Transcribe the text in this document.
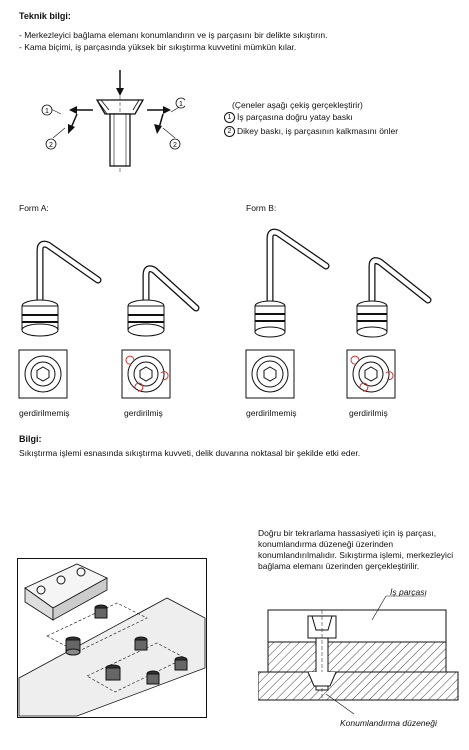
Teknik bilgi:
- Merkezleyici bağlama elemanı konumlandırın ve iş parçasını bir delikte sıkıştırın.
- Kama biçimi, iş parçasında yüksek bir sıkıştırma kuvvetini mümkün kılar.
1
2
1
2
(Çeneler aşağı çekiş gerçekleştirir)
1 İş parçasına doğru yatay baskı
2 Dikey baskı, iş parçasının kalkmasını önler
Form A:	Form B:
gerdirilmemiş	gerdirilmiş	gerdirilmemiş	gerdirilmiş
Bilgi:
Sıkıştırma işlemi esnasında sıkıştırma kuvveti, delik duvarına noktasal bir şekilde etki eder.
Doğru bir tekrarlama hassasiyeti için iş parçası,
konumlandırma düzeneği üzerinden
konumlandırılmalıdır. Sıkıştırma işlemi, merkezleyici
bağlama elemanı üzerinden gerçekleştirilir.
İş parçası
Konumlandırma düzeneği
